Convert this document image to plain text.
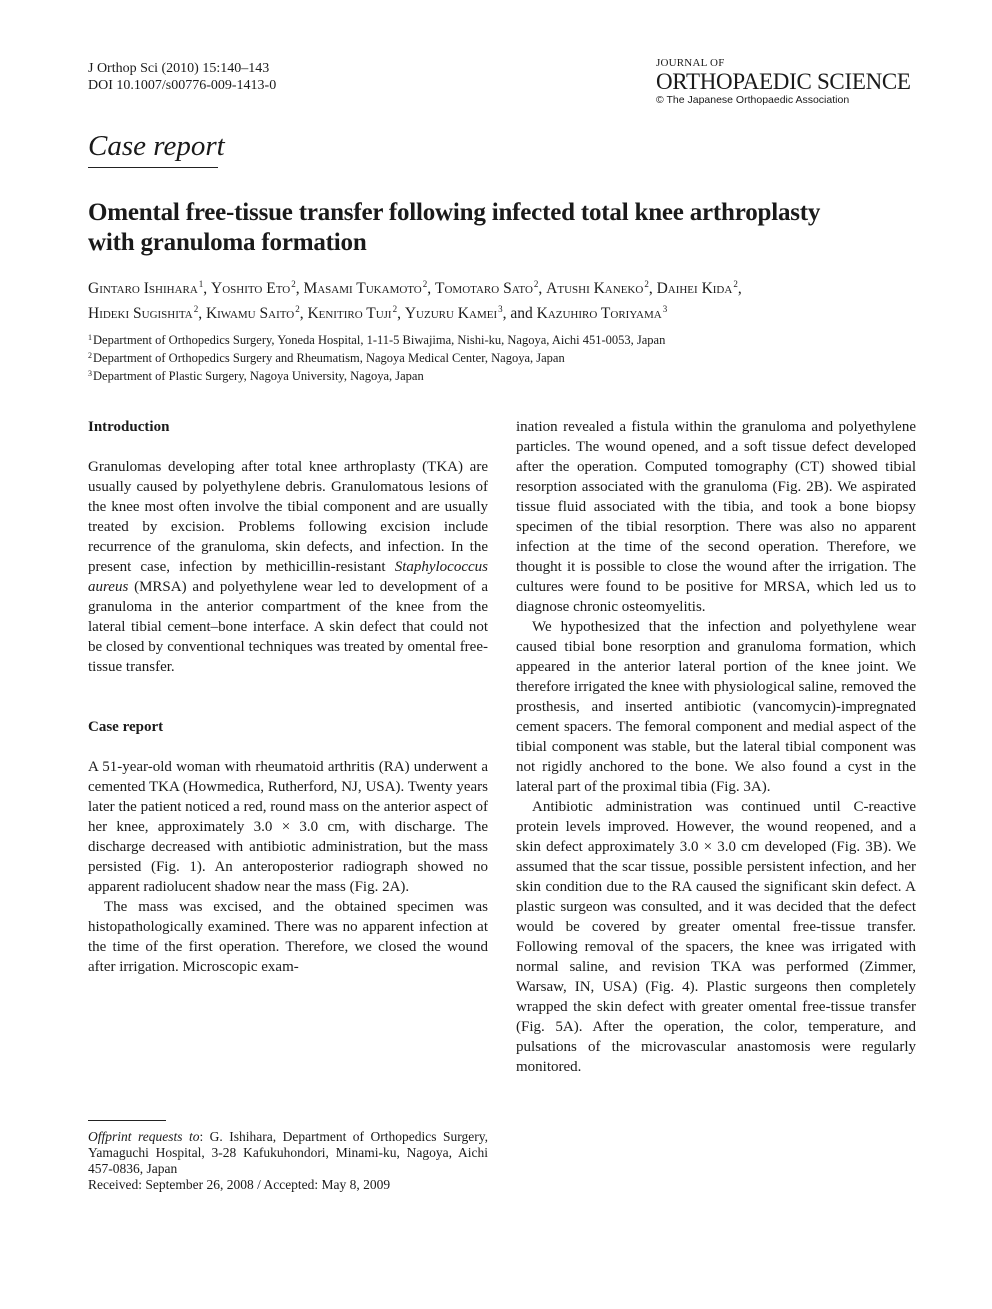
J Orthop Sci (2010) 15:140–143
DOI 10.1007/s00776-009-1413-0
JOURNAL OF
ORTHOPAEDIC SCIENCE
© The Japanese Orthopaedic Association
Case report
Omental free-tissue transfer following infected total knee arthroplasty
with granuloma formation
Gintaro Ishihara$^1$, Yoshito Eto$^2$, Masami Tukamoto$^2$, Tomotaro Sato$^2$, Atushi Kaneko$^2$, Daihei Kida$^2$,
Hideki Sugishita$^2$, Kiwamu Saito$^2$, Kenitiro Tuji$^2$, Yuzuru Kamei$^3$, and Kazuhiro Toriyama$^3$
$^1$Department of Orthopedics Surgery, Yoneda Hospital, 1-11-5 Biwajima, Nishi-ku, Nagoya, Aichi 451-0053, Japan
$^2$Department of Orthopedics Surgery and Rheumatism, Nagoya Medical Center, Nagoya, Japan
$^3$Department of Plastic Surgery, Nagoya University, Nagoya, Japan
Introduction

Granulomas developing after total knee arthroplasty (TKA) are usually caused by polyethylene debris. Granulomatous lesions of the knee most often involve the tibial component and are usually treated by excision. Problems following excision include recurrence of the granuloma, skin defects, and infection. In the present case, infection by methicillin-resistant Staphylococcus aureus (MRSA) and polyethylene wear led to development of a granuloma in the anterior compartment of the knee from the lateral tibial cement–bone interface. A skin defect that could not be closed by conventional techniques was treated by omental free-tissue transfer.

Case report

A 51-year-old woman with rheumatoid arthritis (RA) underwent a cemented TKA (Howmedica, Rutherford, NJ, USA). Twenty years later the patient noticed a red, round mass on the anterior aspect of her knee, approximately 3.0 × 3.0 cm, with discharge. The discharge decreased with antibiotic administration, but the mass persisted (Fig. 1). An anteroposterior radiograph showed no apparent radiolucent shadow near the mass (Fig. 2A).

The mass was excised, and the obtained specimen was histopathologically examined. There was no apparent infection at the time of the first operation. Therefore, we closed the wound after irrigation. Microscopic exam-

ination revealed a fistula within the granuloma and polyethylene particles. The wound opened, and a soft tissue defect developed after the operation. Computed tomography (CT) showed tibial resorption associated with the granuloma (Fig. 2B). We aspirated tissue fluid associated with the tibia, and took a bone biopsy specimen of the tibial resorption. There was also no apparent infection at the time of the second operation. Therefore, we thought it is possible to close the wound after the irrigation. The cultures were found to be positive for MRSA, which led us to diagnose chronic osteomyelitis.

We hypothesized that the infection and polyethylene wear caused tibial bone resorption and granuloma formation, which appeared in the anterior lateral portion of the knee joint. We therefore irrigated the knee with physiological saline, removed the prosthesis, and inserted antibiotic (vancomycin)-impregnated cement spacers. The femoral component and medial aspect of the tibial component was stable, but the lateral tibial component was not rigidly anchored to the bone. We also found a cyst in the lateral part of the proximal tibia (Fig. 3A).

Antibiotic administration was continued until C-reactive protein levels improved. However, the wound reopened, and a skin defect approximately 3.0 × 3.0 cm developed (Fig. 3B). We assumed that the scar tissue, possible persistent infection, and her skin condition due to the RA caused the significant skin defect. A plastic surgeon was consulted, and it was decided that the defect would be covered by greater omental free-tissue transfer. Following removal of the spacers, the knee was irrigated with normal saline, and revision TKA was performed (Zimmer, Warsaw, IN, USA) (Fig. 4). Plastic surgeons then completely wrapped the skin defect with greater omental free-tissue transfer (Fig. 5A). After the operation, the color, temperature, and pulsations of the microvascular anastomosis were regularly monitored.

Offprint requests to: G. Ishihara, Department of Orthopedics Surgery, Yamaguchi Hospital, 3-28 Kafukuhondori, Minami-ku, Nagoya, Aichi 457-0836, Japan

Received: September 26, 2008 / Accepted: May 8, 2009
